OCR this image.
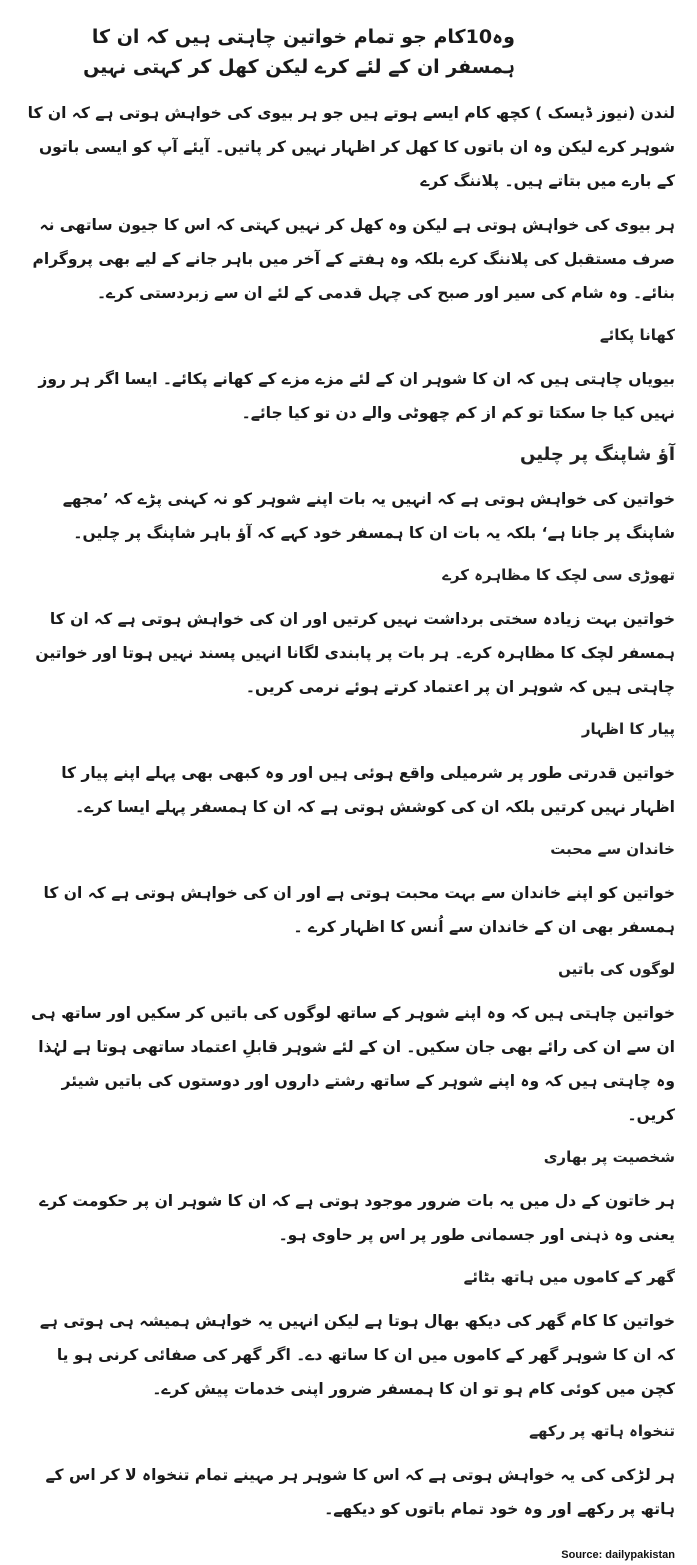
وہ10کام جو تمام خواتین چاہتی ہیں کہ ان کا ہمسفر ان کے لئے کرے لیکن کھل کر کہتی نہیں

لندن (نیوز ڈیسک ) کچھ کام ایسے ہوتے ہیں جو ہر بیوی کی خواہش ہوتی ہے کہ ان کا شوہر کرے لیکن وہ ان باتوں کا کھل کر اظہار نہیں کر پاتیں۔ آیئے آپ کو ایسی باتوں کے بارے میں بتاتے ہیں۔ پلاننگ کرے

ہر بیوی کی خواہش ہوتی ہے لیکن وہ کھل کر نہیں کہتی کہ اس کا جیون ساتھی نہ صرف مستقبل کی پلاننگ کرے بلکہ وہ ہفتے کے آخر میں باہر جانے کے لیے بھی پروگرام بنائے۔ وہ شام کی سیر اور صبح کی چہل قدمی کے لئے ان سے زبردستی کرے۔

کھانا پکائے

بیویاں چاہتی ہیں کہ ان کا شوہر ان کے لئے مزے مزے کے کھانے پکائے۔ ایسا اگر ہر روز نہیں کیا جا سکتا تو کم از کم چھوٹی والے دن تو کیا جائے۔

آؤ شاپنگ پر چلیں

خواتین کی خواہش ہوتی ہے کہ انہیں یہ بات اپنے شوہر کو نہ کہنی پڑے کہ ’مجھے شاپنگ پر جانا ہے‘ بلکہ یہ بات ان کا ہمسفر خود کہے کہ آؤ باہر شاپنگ پر چلیں۔

تھوڑی سی لچک کا مظاہرہ کرے

خواتین بہت زیادہ سختی برداشت نہیں کرتیں اور ان کی خواہش ہوتی ہے کہ ان کا ہمسفر لچک کا مظاہرہ کرے۔ ہر بات پر پابندی لگانا انہیں پسند نہیں ہوتا اور خواتین چاہتی ہیں کہ شوہر ان پر اعتماد کرتے ہوئے نرمی کریں۔

پیار کا اظہار

خواتین قدرتی طور پر شرمیلی واقع ہوئی ہیں اور وہ کبھی بھی پہلے اپنے پیار کا اظہار نہیں کرتیں بلکہ ان کی کوشش ہوتی ہے کہ ان کا ہمسفر پہلے ایسا کرے۔

خاندان سے محبت

خواتین کو اپنے خاندان سے بہت محبت ہوتی ہے اور ان کی خواہش ہوتی ہے کہ ان کا ہمسفر بھی ان کے خاندان سے اُنس کا اظہار کرے ۔

لوگوں کی باتیں

خواتین چاہتی ہیں کہ وہ اپنے شوہر کے ساتھ لوگوں کی باتیں کر سکیں اور ساتھ ہی ان سے ان کی رائے بھی جان سکیں۔ ان کے لئے شوہر قابلِ اعتماد ساتھی ہوتا ہے لہٰذا وہ چاہتی ہیں کہ وہ اپنے شوہر کے ساتھ رشتے داروں اور دوستوں کی باتیں شیئر کریں۔

شخصیت پر بھاری

ہر خاتون کے دل میں یہ بات ضرور موجود ہوتی ہے کہ ان کا شوہر ان پر حکومت کرے یعنی وہ ذہنی اور جسمانی طور پر اس پر حاوی ہو۔

گھر کے کاموں میں ہاتھ بٹائے

خواتین کا کام گھر کی دیکھ بھال ہوتا ہے لیکن انہیں یہ خواہش ہمیشہ ہی ہوتی ہے کہ ان کا شوہر گھر کے کاموں میں ان کا ساتھ دے۔ اگر گھر کی صفائی کرنی ہو یا کچن میں کوئی کام ہو تو ان کا ہمسفر ضرور اپنی خدمات پیش کرے۔

تنخواہ ہاتھ پر رکھے

ہر لڑکی کی یہ خواہش ہوتی ہے کہ اس کا شوہر ہر مہینے تمام تنخواہ لا کر اس کے ہاتھ پر رکھے اور وہ خود تمام باتوں کو دیکھے۔

Source: dailypakistan
